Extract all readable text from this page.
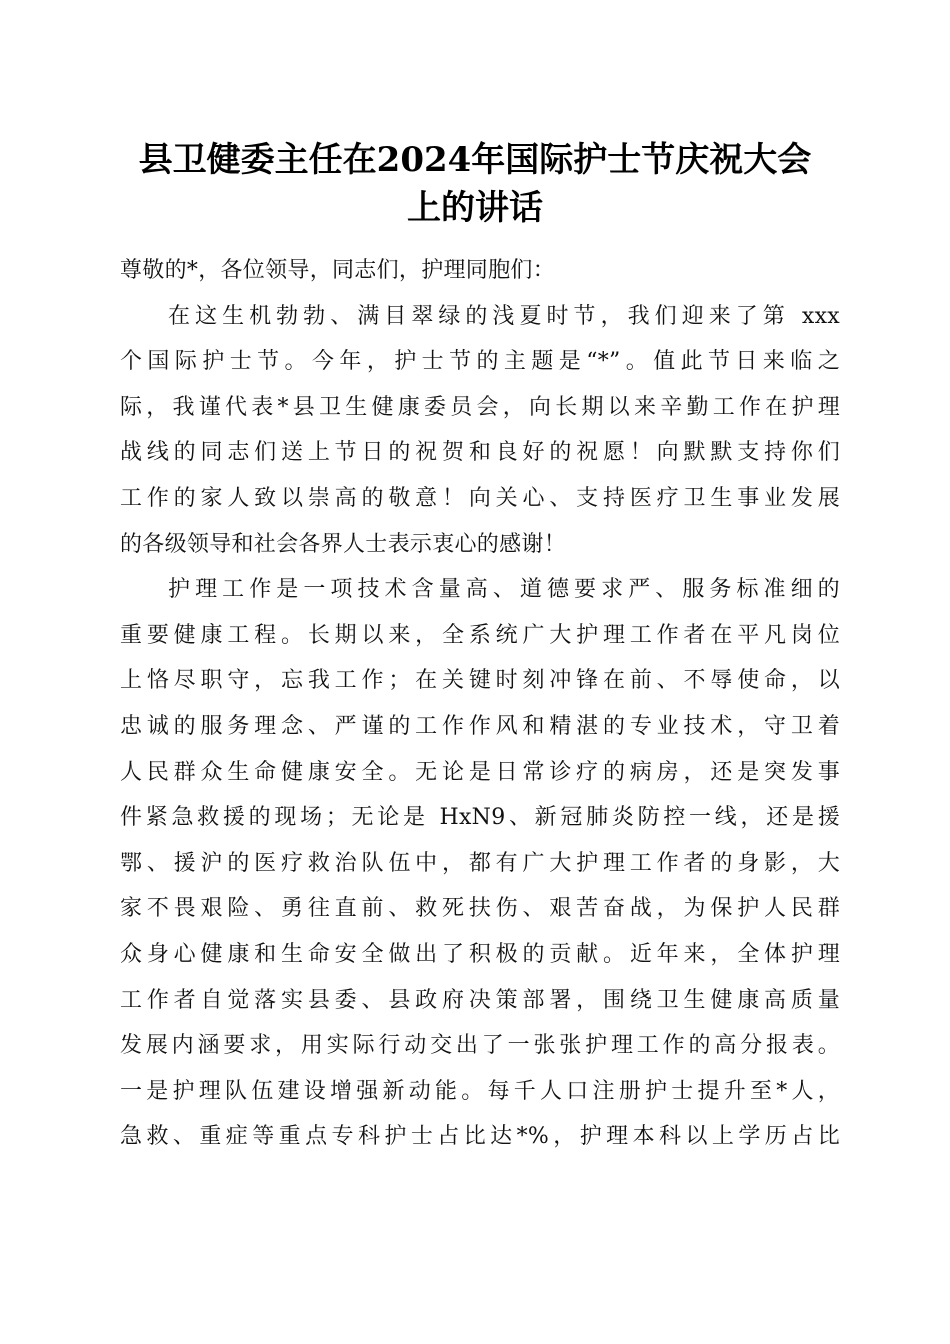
县卫健委主任在2024年国际护士节庆祝大会
上的讲话
尊敬的*，各位领导，同志们，护理同胞们：
在这生机勃勃、满目翠绿的浅夏时节，我们迎来了第 xxx
个国际护士节。今年，护士节的主题是“*”。值此节日来临之
际，我谨代表*县卫生健康委员会，向长期以来辛勤工作在护理
战线的同志们送上节日的祝贺和良好的祝愿！向默默支持你们
工作的家人致以崇高的敬意！向关心、支持医疗卫生事业发展
的各级领导和社会各界人士表示衷心的感谢！
护理工作是一项技术含量高、道德要求严、服务标准细的
重要健康工程。长期以来，全系统广大护理工作者在平凡岗位
上恪尽职守，忘我工作；在关键时刻冲锋在前、不辱使命，以
忠诚的服务理念、严谨的工作作风和精湛的专业技术，守卫着
人民群众生命健康安全。无论是日常诊疗的病房，还是突发事
件紧急救援的现场；无论是 HxN9、新冠肺炎防控一线，还是援
鄂、援沪的医疗救治队伍中，都有广大护理工作者的身影，大
家不畏艰险、勇往直前、救死扶伤、艰苦奋战，为保护人民群
众身心健康和生命安全做出了积极的贡献。近年来，全体护理
工作者自觉落实县委、县政府决策部署，围绕卫生健康高质量
发展内涵要求，用实际行动交出了一张张护理工作的高分报表。
一是护理队伍建设增强新动能。每千人口注册护士提升至*人，
急救、重症等重点专科护士占比达*%，护理本科以上学历占比
